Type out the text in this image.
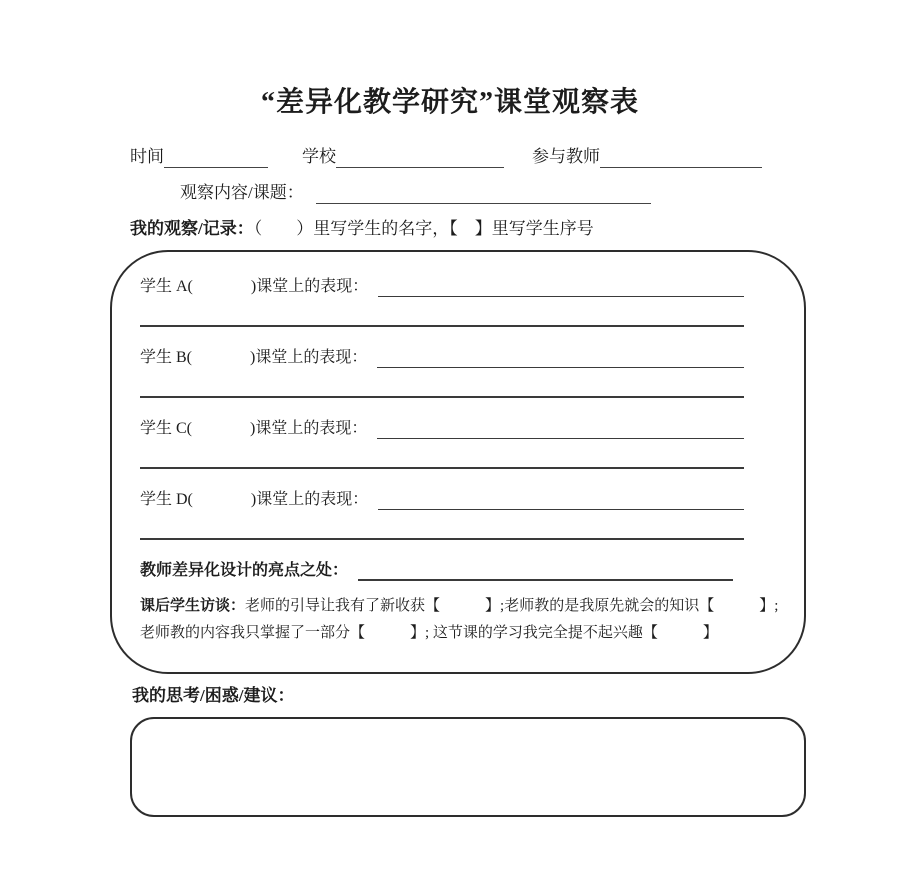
“差异化教学研究”课堂观察表
时间	学校	参与教师
观察内容/课题：
我的观察/记录：（　　）里写学生的名字，【　】里写学生序号
学生 A(	)课堂上的表现：
学生 B(	)课堂上的表现：
学生 C(	)课堂上的表现：
学生 D(	)课堂上的表现：
教师差异化设计的亮点之处：
课后学生访谈：老师的引导让我有了新收获【　　　】;老师教的是我原先就会的知识【　　　】;
老师教的内容我只掌握了一部分【　　　】; 这节课的学习我完全提不起兴趣【　　　】
我的思考/困惑/建议：
